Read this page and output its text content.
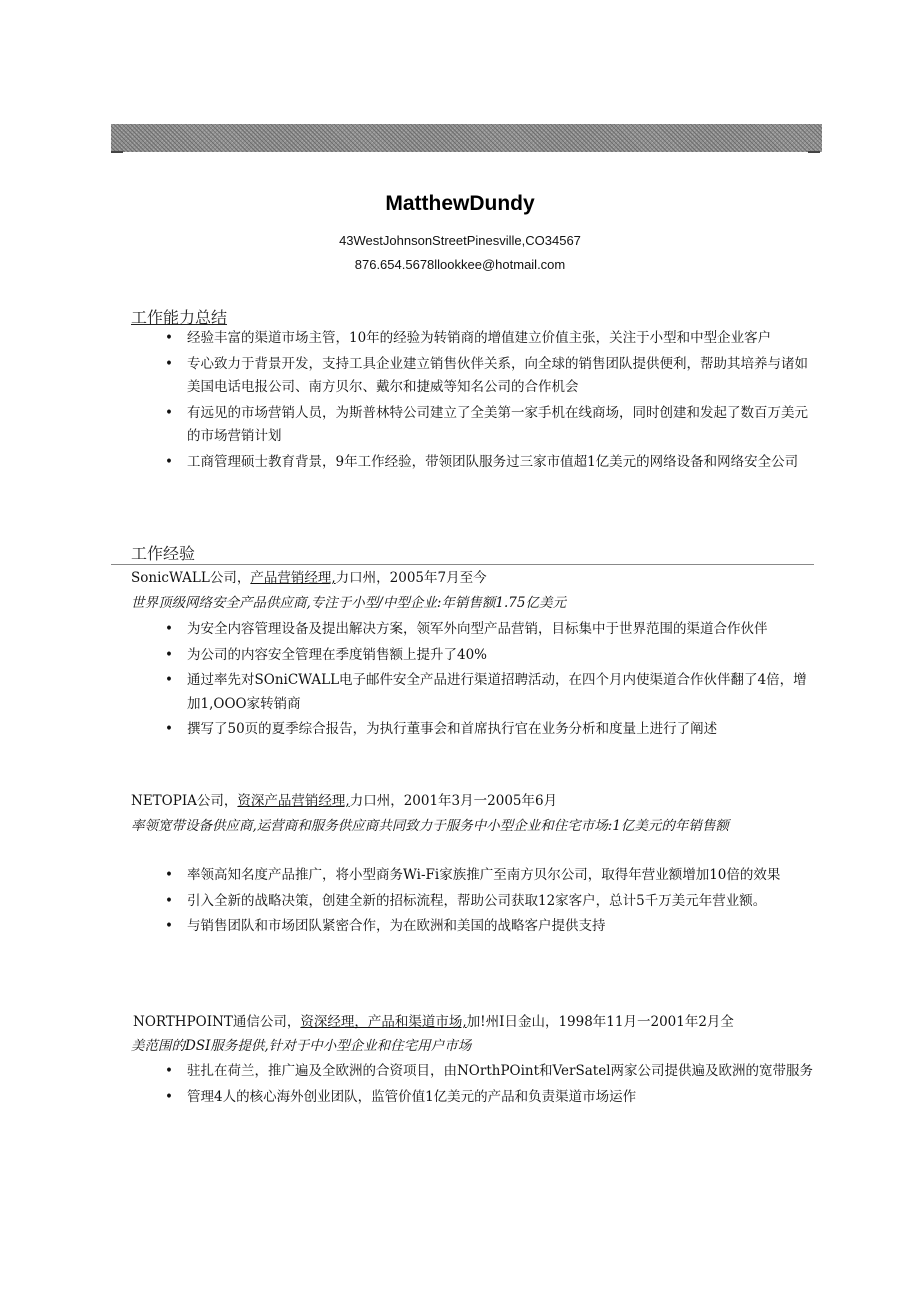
MatthewDundy
43WestJohnsonStreetPinesville,CO34567
876.654.5678llookkee@hotmail.com
工作能力总结
• 经验丰富的渠道市场主管，10年的经验为转销商的增值建立价值主张，关注于小型和中型企业客户
• 专心致力于背景开发，支持工具企业建立销售伙伴关系，向全球的销售团队提供便利，帮助其培养与诸如美国电话电报公司、南方贝尔、戴尔和捷威等知名公司的合作机会
• 有远见的市场营销人员，为斯普林特公司建立了全美第一家手机在线商场，同时创建和发起了数百万美元的市场营销计划
• 工商管理硕士教育背景，9年工作经验，带领团队服务过三家市值超1亿美元的网络设备和网络安全公司
工作经验
SonicWALL公司，产品营销经理,力口州，2005年7月至今
世界顶级网络安全产品供应商,专注于小型/中型企业:年销售额1.75亿美元
• 为安全内容管理设备及提出解决方案，领军外向型产品营销，目标集中于世界范围的渠道合作伙伴
• 为公司的内容安全管理在季度销售额上提升了40%
• 通过率先对SOniCWALL电子邮件安全产品进行渠道招聘活动，在四个月内使渠道合作伙伴翻了4倍，增加1,OOO家转销商
• 撰写了50页的夏季综合报告，为执行董事会和首席执行官在业务分析和度量上进行了阐述
NETOPIA公司，资深产品营销经理,力口州，2001年3月一2005年6月
率领宽带设备供应商,运营商和服务供应商共同致力于服务中小型企业和住宅市场:1亿美元的年销售额
• 率领高知名度产品推广，将小型商务Wi-Fi家族推广至南方贝尔公司，取得年营业额增加10倍的效果
• 引入全新的战略决策，创建全新的招标流程，帮助公司获取12家客户，总计5千万美元年营业额。
• 与销售团队和市场团队紧密合作，为在欧洲和美国的战略客户提供支持
NORTHPOINT通信公司，资深经理，产品和渠道市场,加!州I日金山，1998年11月一2001年2月全
美范围的DSI服务提供,针对于中小型企业和住宅用户市场
• 驻扎在荷兰，推广遍及全欧洲的合资项目，由NOrthPOint和VerSatel两家公司提供遍及欧洲的宽带服务
• 管理4人的核心海外创业团队，监管价值1亿美元的产品和负责渠道市场运作
